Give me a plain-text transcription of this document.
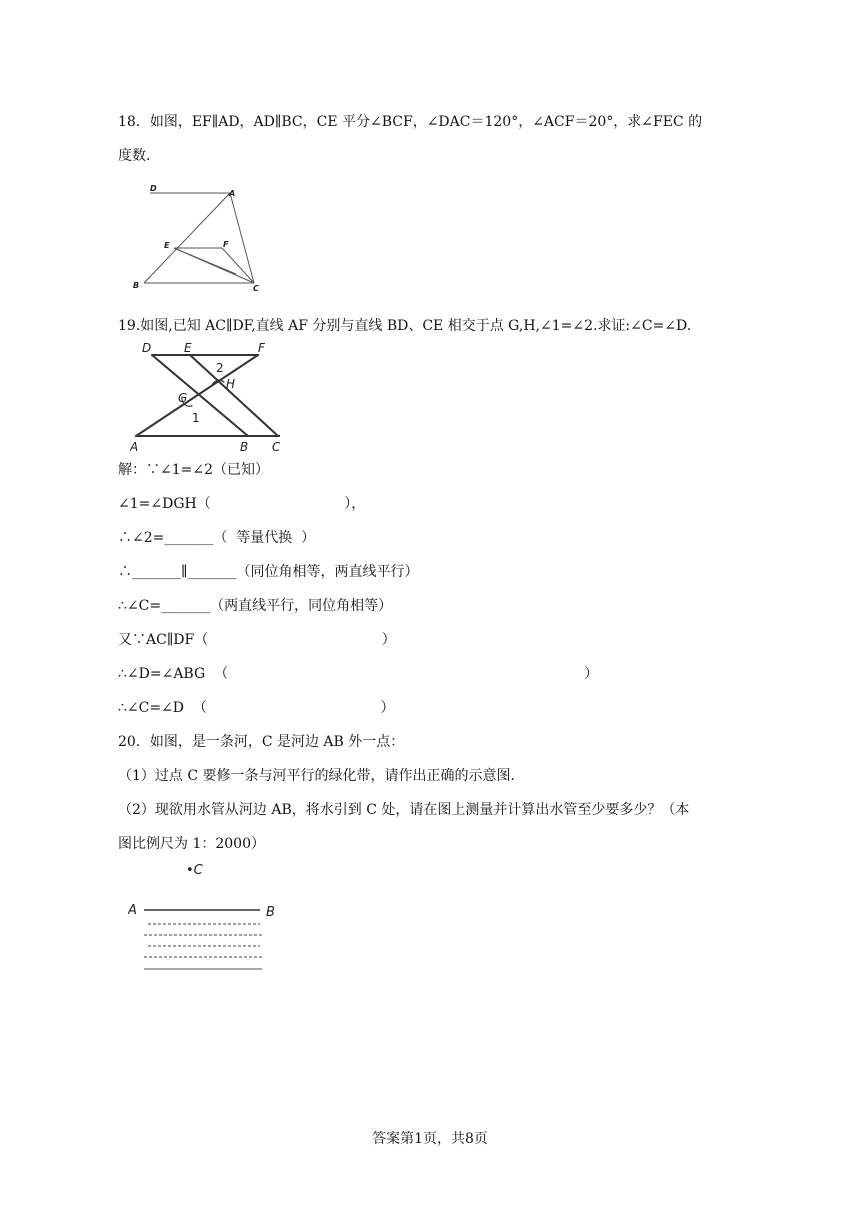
18．如图，EF∥AD，AD∥BC，CE 平分∠BCF，∠DAC＝120°，∠ACF＝20°，求∠FEC 的
度数．
D
A
E	F
B	C
19.如图,已知 AC∥DF,直线 AF 分别与直线 BD、CE 相交于点 G,H,∠1=∠2.求证:∠C=∠D.
D	E	F
2
H
G
1
A	B C
解：∵∠1=∠2（已知）
∠1=∠DGH（                              ），
∴∠2=_______（  等量代换  ）
∴_______∥_______（同位角相等，两直线平行）
∴∠C=_______（两直线平行，同位角相等）
又∵AC∥DF（                                       ）
∴∠D=∠ABG  （                                                                                ）
∴∠C=∠D  （                                       ）
20．如图，是一条河，C 是河边 AB 外一点：
（1）过点 C 要修一条与河平行的绿化带，请作出正确的示意图．
（2）现欲用水管从河边 AB，将水引到 C 处，请在图上测量并计算出水管至少要多少？（本
图比例尺为 1：2000）
•C
A	B
答案第1页，共8页
